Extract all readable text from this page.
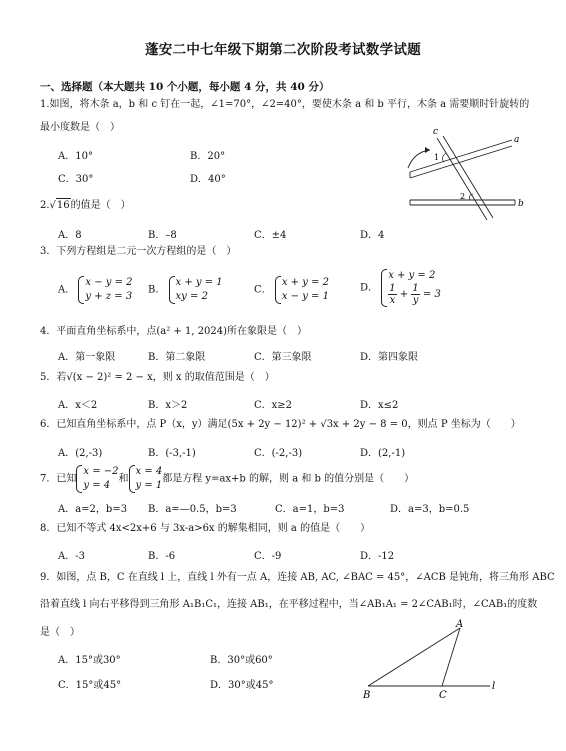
蓬安二中七年级下期第二次阶段考试数学试题
一、选择题（本大题共 10 个小题，每小题 4 分，共 40 分）
1.如图，将木条 a，b 和 c 钉在一起，∠1=70°，∠2=40°，要使木条 a 和 b 平行，木条 a 需要顺时针旋转的
最小度数是（　）
A．10°	B．20°
C．30°	D．40°
c
a
1
2
b
2.√16的值是（　）
A．8	B．–8	C．±4	D．4
3．下列方程组是二元一次方程组的是（　）
A．
x − y = 2
y + z = 3
B．
x + y = 1
xy = 2
C．
x + y = 2
x − y = 1
D．
x + y = 2
$\frac{1}{x} + \frac{1}{y} = 3$
4．平面直角坐标系中，点(a² + 1, 2024)所在象限是（　）
A．第一象限	B．第二象限	C．第三象限	D．第四象限
5．若√(x − 2)² = 2 − x，则 x 的取值范围是（　）
A．x＜2	B．x＞2	C．x≥2	D．x≤2
6．已知直角坐标系中，点 P（x，y）满足(5x + 2y − 12)² + √3x + 2y − 8 = 0，则点 P 坐标为（　　）
A．(2,-3)	B．(-3,-1)	C．(-2,-3)	D．(2,-1)
7．已知
x = −2
y = 4
和
x = 4
y = 1
都是方程 y=ax+b 的解，则 a 和 b 的值分别是（　　）
A．a=2，b=3 B．a=—0.5，b=3	C．a=1，b=3	D．a=3，b=0.5
8．已知不等式 4x<2x+6 与 3x-a>6x 的解集相同，则 a 的值是（　　）
A．-3	B．-6	C．-9	D．-12
9．如图，点 B，C 在直线 l 上，直线 l 外有一点 A，连接 AB, AC, ∠BAC = 45°，∠ACB 是钝角，将三角形 ABC
沿着直线 l 向右平移得到三角形 A₁B₁C₁，连接 AB₁，在平移过程中，当∠AB₁A₁ = 2∠CAB₁时，∠CAB₁的度数
是（　）
A．15°或30°	B．30°或60°
C．15°或45°	D．30°或45°
A
B	C
l
